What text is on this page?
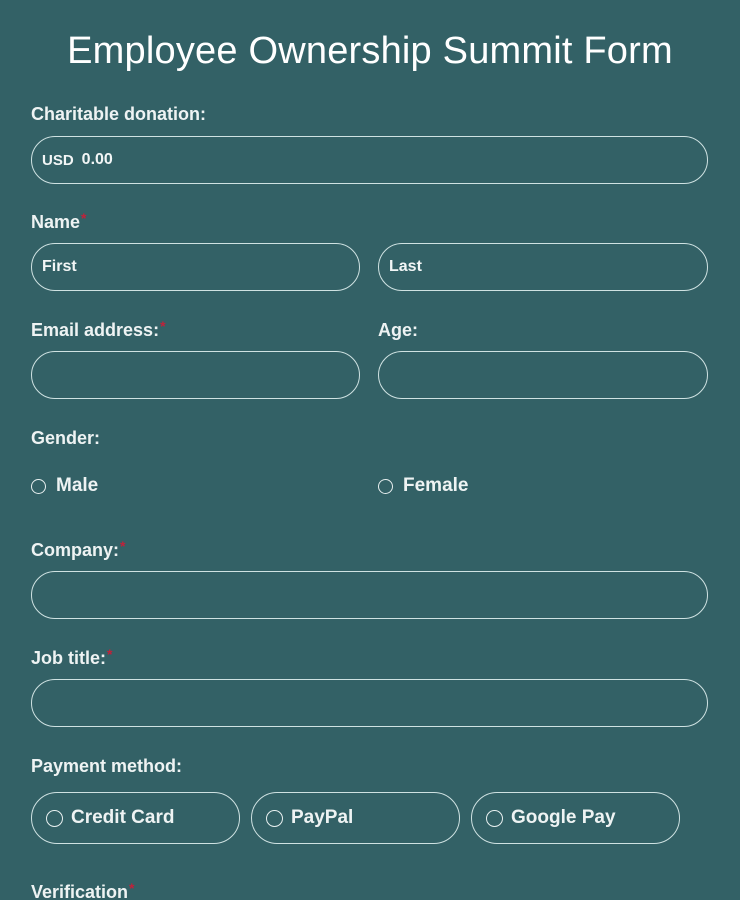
Employee Ownership Summit Form
Charitable donation:
USD
0.00
Name*
First
Last
Email address:*	Age:
Gender:
Male	Female
Company:*
Job title:*
Payment method:
Credit Card	PayPal	Google Pay
Verification*
